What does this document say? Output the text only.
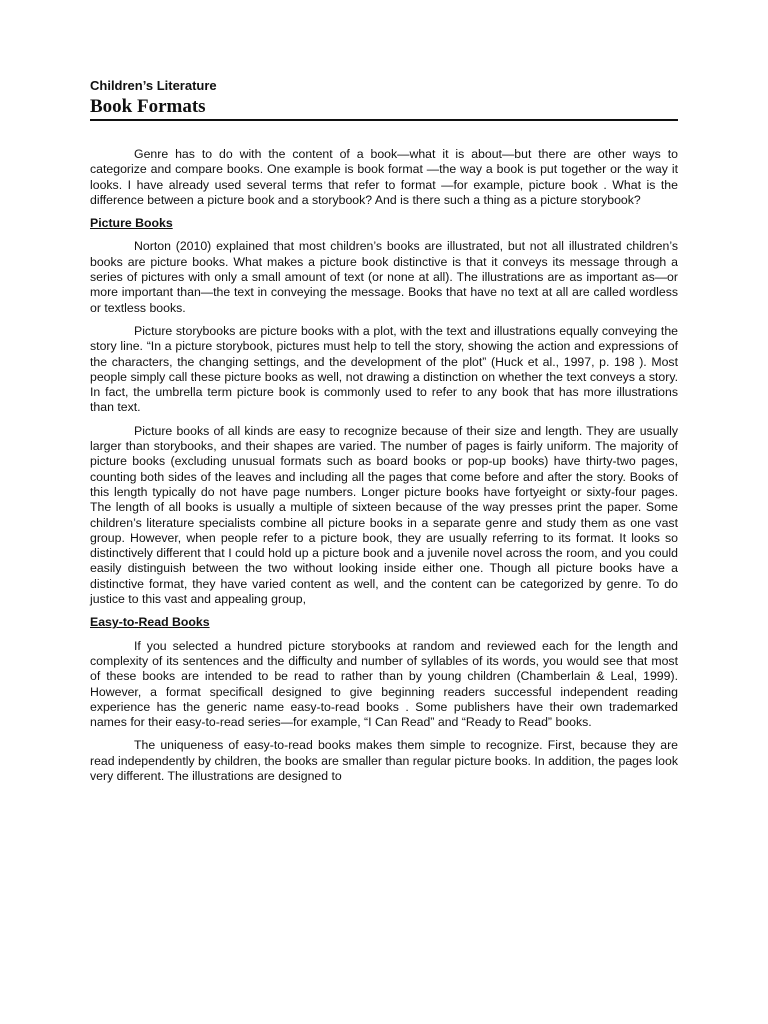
Children’s Literature
Book Formats

Genre has to do with the content of a book—what it is about—but there are other ways to categorize and compare books. One example is book format —the way a book is put together or the way it looks. I have already used several terms that refer to format —for example, picture book . What is the difference between a picture book and a storybook? And is there such a thing as a picture storybook?

Picture Books

Norton (2010) explained that most children’s books are illustrated, but not all illustrated children’s books are picture books. What makes a picture book distinctive is that it conveys its message through a series of pictures with only a small amount of text (or none at all). The illustrations are as important as—or more important than—the text in conveying the message. Books that have no text at all are called wordless or textless books.

Picture storybooks are picture books with a plot, with the text and illustrations equally conveying the story line. “In a picture storybook, pictures must help to tell the story, showing the action and expressions of the characters, the changing settings, and the development of the plot” (Huck et al., 1997, p. 198 ). Most people simply call these picture books as well, not drawing a distinction on whether the text conveys a story. In fact, the umbrella term picture book is commonly used to refer to any book that has more illustrations than text.

Picture books of all kinds are easy to recognize because of their size and length. They are usually larger than storybooks, and their shapes are varied. The number of pages is fairly uniform. The majority of picture books (excluding unusual formats such as board books or pop-up books) have thirty-two pages, counting both sides of the leaves and including all the pages that come before and after the story. Books of this length typically do not have page numbers. Longer picture books have fortyeight or sixty-four pages. The length of all books is usually a multiple of sixteen because of the way presses print the paper. Some children’s literature specialists combine all picture books in a separate genre and study them as one vast group. However, when people refer to a picture book, they are usually referring to its format. It looks so distinctively different that I could hold up a picture book and a juvenile novel across the room, and you could easily distinguish between the two without looking inside either one. Though all picture books have a distinctive format, they have varied content as well, and the content can be categorized by genre. To do justice to this vast and appealing group,

Easy-to-Read Books

If you selected a hundred picture storybooks at random and reviewed each for the length and complexity of its sentences and the difficulty and number of syllables of its words, you would see that most of these books are intended to be read to rather than by young children (Chamberlain & Leal, 1999). However, a format specificall designed to give beginning readers successful independent reading experience has the generic name easy-to-read books . Some publishers have their own trademarked names for their easy-to-read series—for example, “I Can Read” and “Ready to Read” books.

The uniqueness of easy-to-read books makes them simple to recognize. First, because they are read independently by children, the books are smaller than regular picture books. In addition, the pages look very different. The illustrations are designed to
